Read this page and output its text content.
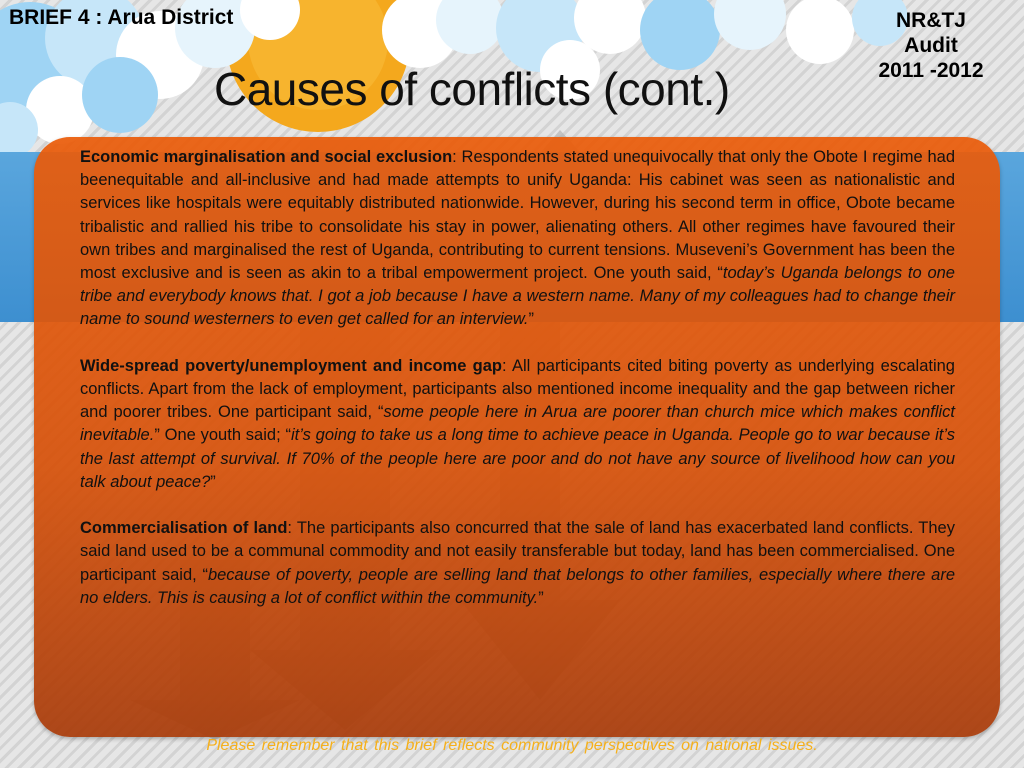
BRIEF 4 : Arua District	NR&TJ
Audit
2011 -2012
Causes of conflicts (cont.)

Economic marginalisation and social exclusion: Respondents stated unequivocally that only the Obote I regime had beenequitable and all-inclusive and had made attempts to unify Uganda: His cabinet was seen as nationalistic and services like hospitals were equitably distributed nationwide. However, during his second term in office, Obote became tribalistic and rallied his tribe to consolidate his stay in power, alienating others. All other regimes have favoured their own tribes and marginalised the rest of Uganda, contributing to current tensions. Museveni’s Government has been the most exclusive and is seen as akin to a tribal empowerment project. One youth said, “today’s Uganda belongs to one tribe and everybody knows that. I got a job because I have a western name. Many of my colleagues had to change their name to sound westerners to even get called for an interview.”

Wide-spread poverty/unemployment and income gap: All participants cited biting poverty as underlying escalating conflicts. Apart from the lack of employment, participants also mentioned income inequality and the gap between richer and poorer tribes. One participant said, “some people here in Arua are poorer than church mice which makes conflict inevitable.” One youth said; “it’s going to take us a long time to achieve peace in Uganda. People go to war because it’s the last attempt of survival. If 70% of the people here are poor and do not have any source of livelihood how can you talk about peace?”

Commercialisation of land: The participants also concurred that the sale of land has exacerbated land conflicts. They said land used to be a communal commodity and not easily transferable but today, land has been commercialised. One participant said, “because of poverty, people are selling land that belongs to other families, especially where there are no elders. This is causing a lot of conflict within the community.”

Please remember that this brief reflects community perspectives on national issues.
